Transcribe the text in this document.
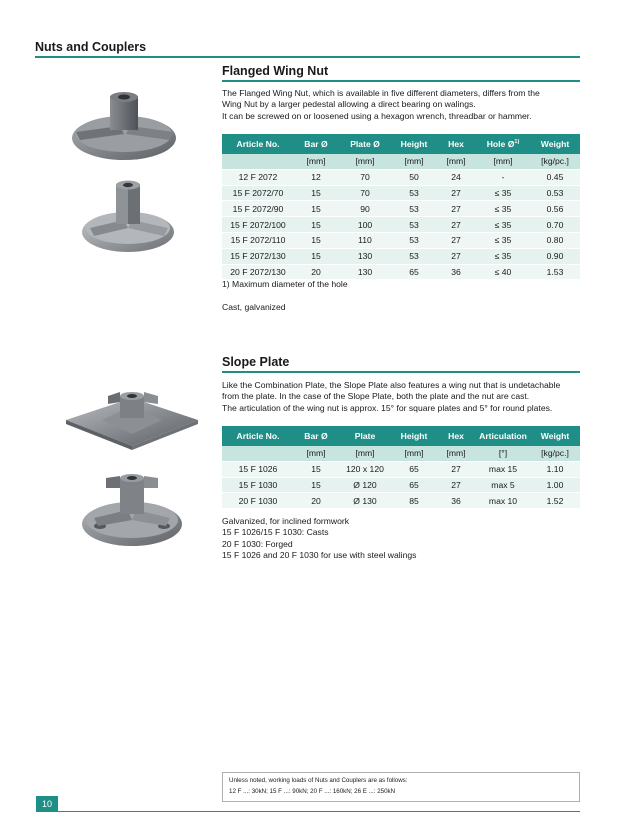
Nuts and Couplers
Flanged Wing Nut
The Flanged Wing Nut, which is available in five different diameters, differs from the
Wing Nut by a larger pedestal allowing a direct bearing on walings.
It can be screwed on or loosened using a hexagon wrench, threadbar or hammer.
Article No.	Bar Ø	Plate Ø	Height	Hex	Hole $Ø^{1)}$	Weight
	[mm]	[mm]	[mm]	[mm]	[mm]	[kg/pc.]
12 F 2072	12	70	50	24	-	0.45
15 F 2072/70	15	70	53	27	≤ 35	0.53
15 F 2072/90	15	90	53	27	≤ 35	0.56
15 F 2072/100	15	100	53	27	≤ 35	0.70
15 F 2072/110	15	110	53	27	≤ 35	0.80
15 F 2072/130	15	130	53	27	≤ 35	0.90
20 F 2072/130	20	130	65	36	≤ 40	1.53
1) Maximum diameter of the hole
Cast, galvanized
Slope Plate
Like the Combination Plate, the Slope Plate also features a wing nut that is undetachable
from the plate. In the case of the Slope Plate, both the plate and the nut are cast.
The articulation of the wing nut is approx. 15° for square plates and 5° for round plates.
Article No.	Bar Ø	Plate	Height	Hex	Articulation	Weight
	[mm]	[mm]	[mm]	[mm]	[°]	[kg/pc.]
15 F 1026	15	120 x 120	65	27	max 15	1.10
15 F 1030	15	Ø 120	65	27	max 5	1.00
20 F 1030	20	Ø 130	85	36	max 10	1.52
Galvanized, for inclined formwork
15 F 1026/15 F 1030: Casts
20 F 1030: Forged
15 F 1026 and 20 F 1030 for use with steel walings
Unless noted, working loads of Nuts and Couplers are as follows:
12 F ...: 30kN; 15 F ...: 90kN; 20 F ...: 160kN; 26 E ...: 250kN
10
